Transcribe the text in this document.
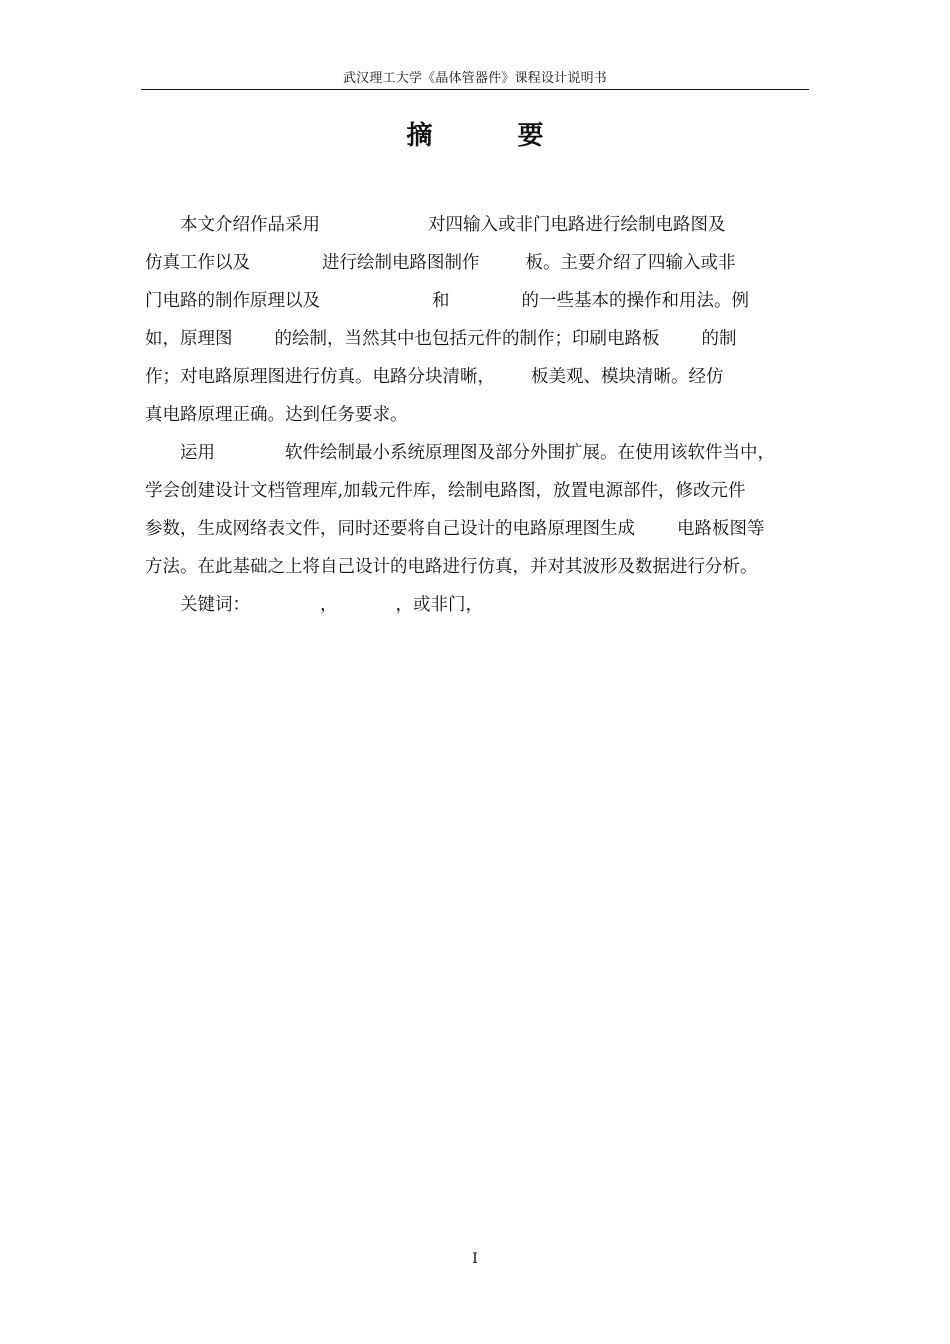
武汉理工大学《晶体管器件》课程设计说明书
摘 要
　　本文介绍作品采用	对四输入或非门电路进行绘制电路图及
仿真工作以及	进行绘制电路图制作	板。主要介绍了四输入或非
门电路的制作原理以及	和	的一些基本的操作和用法。例
如，原理图 的绘制，当然其中也包括元件的制作；印刷电路板 的制
作；对电路原理图进行仿真。电路分块清晰， 板美观、模块清晰。经仿
真电路原理正确。达到任务要求。
　　运用	软件绘制最小系统原理图及部分外围扩展。在使用该软件当中，
学会创建设计文档管理库,加载元件库，绘制电路图，放置电源部件，修改元件
参数，生成网络表文件，同时还要将自己设计的电路原理图生成 电路板图等
方法。在此基础之上将自己设计的电路进行仿真，并对其波形及数据进行分析。
　　关键词：	，	，或非门，
I
